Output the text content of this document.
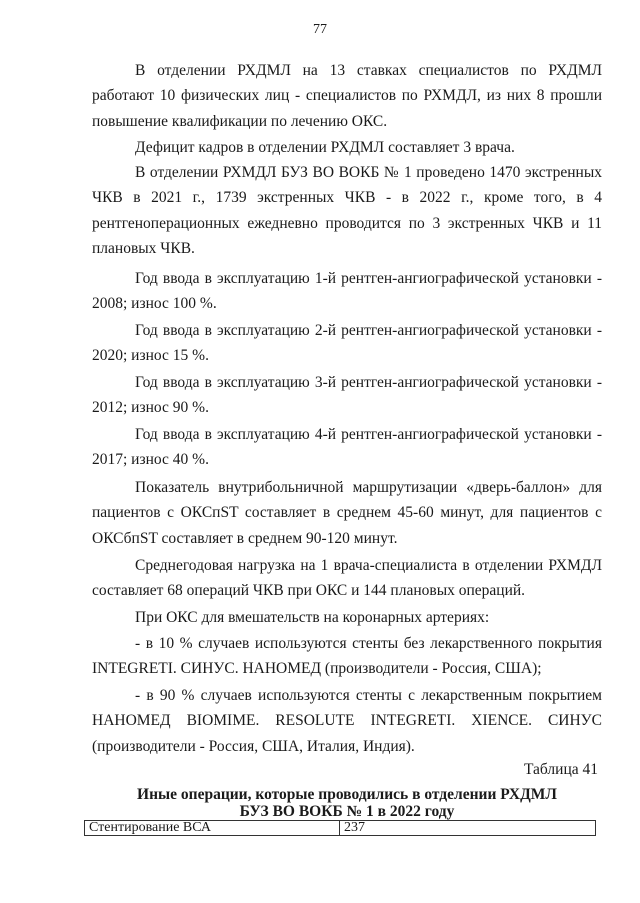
77
В отделении РХДМЛ на 13 ставках специалистов по РХДМЛ работают 10 физических лиц - специалистов по РХМДЛ, из них 8 прошли повышение квалификации по лечению ОКС.
Дефицит кадров в отделении РХДМЛ составляет 3 врача.
В отделении РХМДЛ БУЗ ВО ВОКБ № 1 проведено 1470 экстренных ЧКВ в 2021 г., 1739 экстренных ЧКВ - в 2022 г., кроме того, в 4 рентгеноперационных ежедневно проводится по 3 экстренных ЧКВ и 11 плановых ЧКВ.
Год ввода в эксплуатацию 1-й рентген-ангиографической установки - 2008; износ 100 %.
Год ввода в эксплуатацию 2-й рентген-ангиографической установки - 2020; износ 15 %.
Год ввода в эксплуатацию 3-й рентген-ангиографической установки - 2012; износ 90 %.
Год ввода в эксплуатацию 4-й рентген-ангиографической установки - 2017; износ 40 %.
Показатель внутрибольничной маршрутизации «дверь-баллон» для пациентов с ОКСпST составляет в среднем 45-60 минут, для пациентов с ОКСбпST составляет в среднем 90-120 минут.
Среднегодовая нагрузка на 1 врача-специалиста в отделении РХМДЛ составляет 68 операций ЧКВ при ОКС и 144 плановых операций.
При ОКС для вмешательств на коронарных артериях:
- в 10 % случаев используются стенты без лекарственного покрытия INTEGRETI. СИНУС. НАНОМЕД (производители - Россия, США);
- в 90 % случаев используются стенты с лекарственным покрытием НАНОМЕД BIOMIME. RESOLUTE INTEGRETI. XIENCE. СИНУС (производители - Россия, США, Италия, Индия).
Таблица 41
Иные операции, которые проводились в отделении РХДМЛ
БУЗ ВО ВОКБ № 1 в 2022 году
Стентирование ВСА	237
